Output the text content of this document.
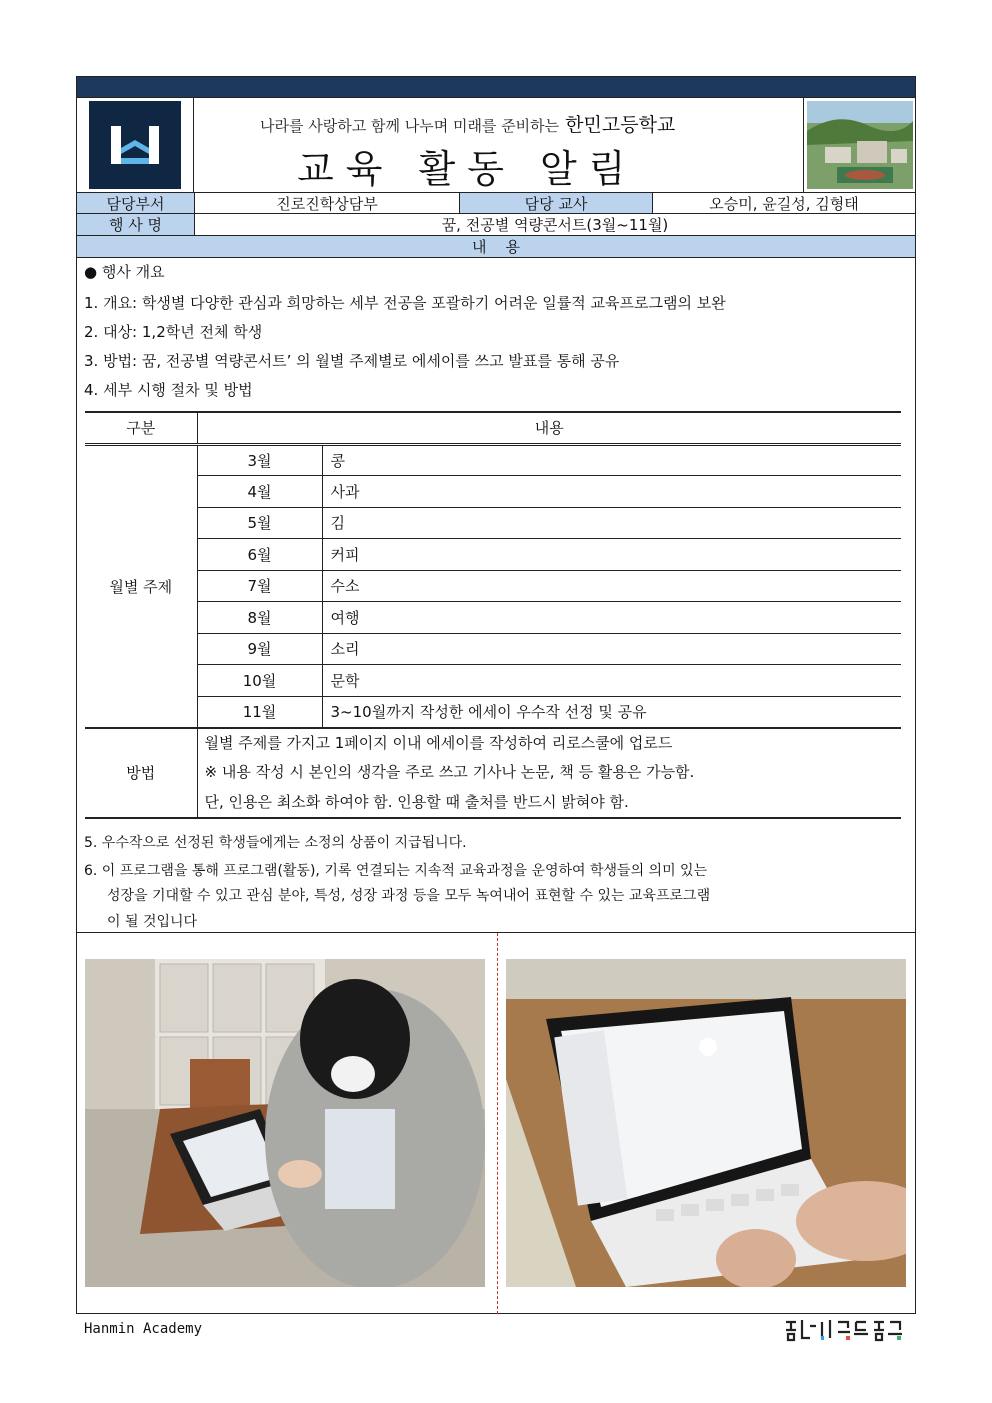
나라를 사랑하고 함께 나누며 미래를 준비하는 한민고등학교
교육 활동 알림
담당부서	진로진학상담부	담당 교사	오승미, 윤길성, 김형태
행 사 명	꿈, 전공별 역량콘서트(3월~11월)
내    용
● 행사 개요
1. 개요: 학생별 다양한 관심과 희망하는 세부 전공을 포괄하기 어려운 일률적 교육프로그램의 보완
2. 대상: 1,2학년 전체 학생
3. 방법: 꿈, 전공별 역량콘서트’ 의 월별 주제별로 에세이를 쓰고 발표를 통해 공유
4. 세부 시행 절차 및 방법
구분	내용	
월별 주제	3월	콩
	4월	사과
	5월	김
	6월	커피
	7월	수소
	8월	여행
	9월	소리
	10월	문학
	11월	3~10월까지 작성한 에세이 우수작 선정 및 공유
방법	월별 주제를 가지고 1페이지 이내 에세이를 작성하여 리로스쿨에 업로드
※ 내용 작성 시 본인의 생각을 주로 쓰고 기사나 논문, 책 등 활용은 가능함.
단, 인용은 최소화 하여야 함. 인용할 때 출처를 반드시 밝혀야 함.	
5. 우수작으로 선정된 학생들에게는 소정의 상품이 지급됩니다.
6. 이 프로그램을 통해 프로그램(활동), 기록 연결되는 지속적 교육과정을 운영하여 학생들의 의미 있는
성장을 기대할 수 있고 관심 분야, 특성, 성장 과정 등을 모두 녹여내어 표현할 수 있는 교육프로그램
이 될 것입니다
Hanmin Academy
